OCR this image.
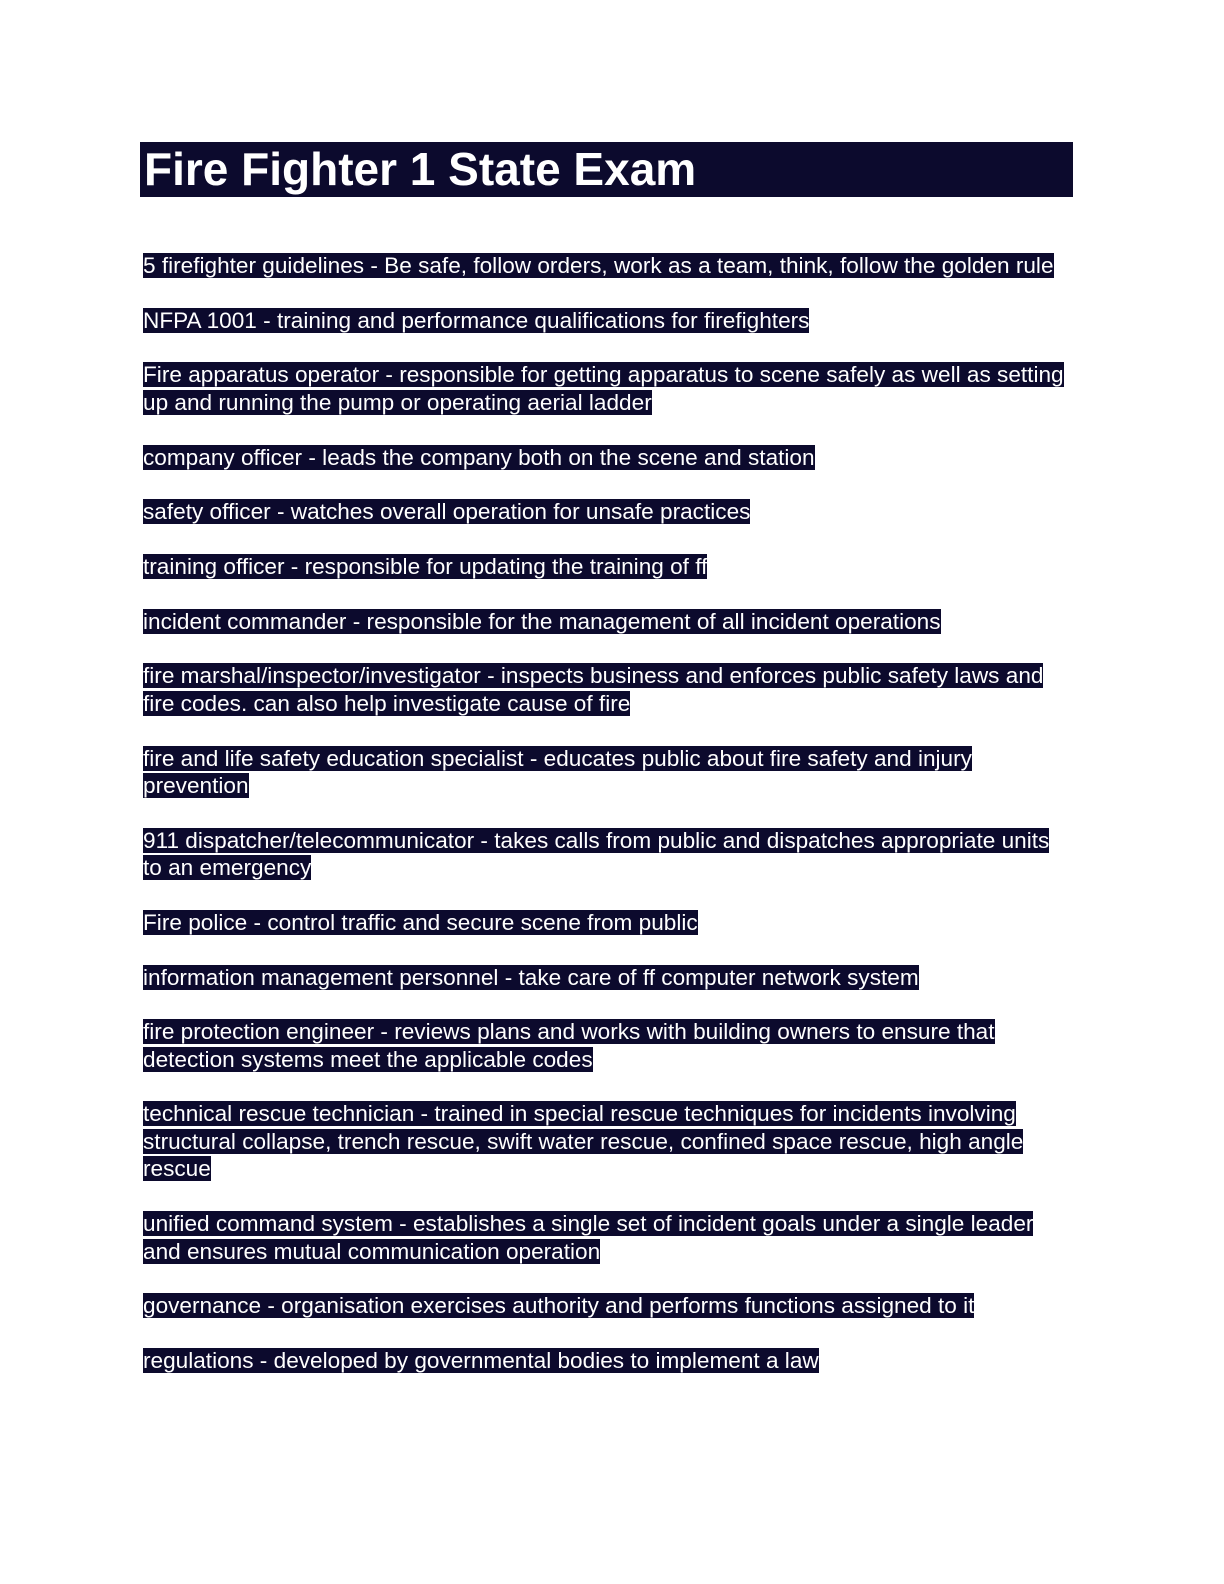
Fire Fighter 1 State Exam

5 firefighter guidelines - Be safe, follow orders, work as a team, think, follow the golden rule

NFPA 1001 - training and performance qualifications for firefighters

Fire apparatus operator - responsible for getting apparatus to scene safely as well as setting up and running the pump or operating aerial ladder

company officer - leads the company both on the scene and station

safety officer - watches overall operation for unsafe practices

training officer - responsible for updating the training of ff

incident commander - responsible for the management of all incident operations

fire marshal/inspector/investigator - inspects business and enforces public safety laws and fire codes. can also help investigate cause of fire

fire and life safety education specialist - educates public about fire safety and injury prevention

911 dispatcher/telecommunicator - takes calls from public and dispatches appropriate units to an emergency

Fire police - control traffic and secure scene from public

information management personnel - take care of ff computer network system

fire protection engineer - reviews plans and works with building owners to ensure that detection systems meet the applicable codes

technical rescue technician - trained in special rescue techniques for incidents involving structural collapse, trench rescue, swift water rescue, confined space rescue, high angle rescue

unified command system - establishes a single set of incident goals under a single leader and ensures mutual communication operation

governance - organisation exercises authority and performs functions assigned to it

regulations - developed by governmental bodies to implement a law
